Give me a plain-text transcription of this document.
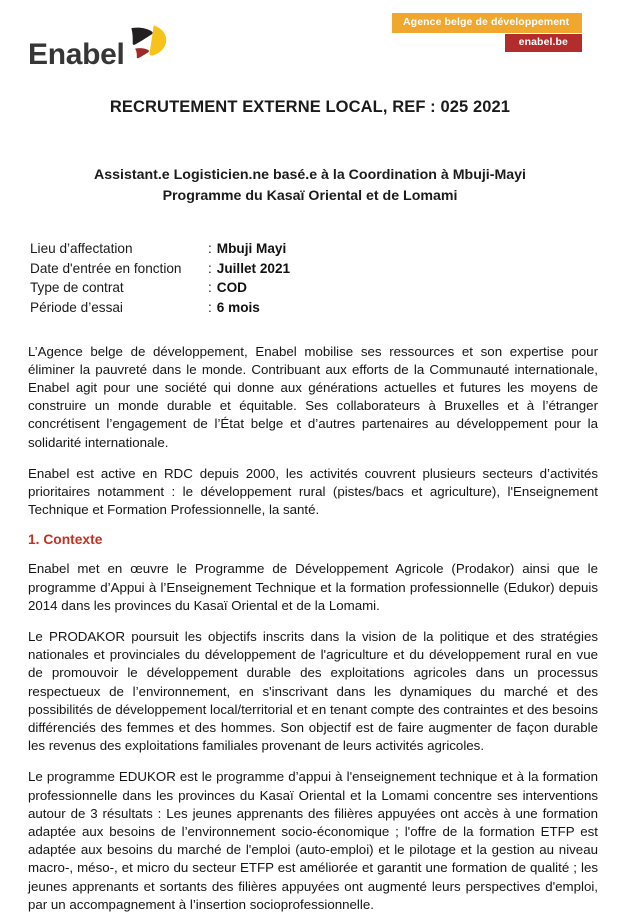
Enabel
Agence belge de développement
enabel.be
RECRUTEMENT EXTERNE LOCAL, REF : 025 2021
Assistant.e Logisticien.ne basé.e à la Coordination à Mbuji-Mayi
Programme du Kasaï Oriental et de Lomami
Lieu d’affectation	:	Mbuji Mayi
Date d'entrée en fonction	:	Juillet 2021
Type de contrat	:	COD
Période d’essai	:	6 mois

L’Agence belge de développement, Enabel mobilise ses ressources et son expertise pour éliminer la pauvreté dans le monde. Contribuant aux efforts de la Communauté internationale, Enabel agit pour une société qui donne aux générations actuelles et futures les moyens de construire un monde durable et équitable. Ses collaborateurs à Bruxelles et à l’étranger concrétisent l’engagement de l’État belge et d’autres partenaires au développement pour la solidarité internationale.

Enabel est active en RDC depuis 2000, les activités couvrent plusieurs secteurs d’activités prioritaires notamment : le développement rural (pistes/bacs et agriculture), l'Enseignement Technique et Formation Professionnelle, la santé.

1. Contexte

Enabel met en œuvre le Programme de Développement Agricole (Prodakor) ainsi que le programme d’Appui à l’Enseignement Technique et la formation professionnelle (Edukor) depuis 2014 dans les provinces du Kasaï Oriental et de la Lomami.

Le PRODAKOR poursuit les objectifs inscrits dans la vision de la politique et des stratégies nationales et provinciales du développement de l'agriculture et du développement rural en vue de promouvoir le développement durable des exploitations agricoles dans un processus respectueux de l’environnement, en s'inscrivant dans les dynamiques du marché et des possibilités de développement local/territorial et en tenant compte des contraintes et des besoins différenciés des femmes et des hommes. Son objectif est de faire augmenter de façon durable les revenus des exploitations familiales provenant de leurs activités agricoles.

Le programme EDUKOR est le programme d’appui à l'enseignement technique et à la formation professionnelle dans les provinces du Kasaï Oriental et la Lomami concentre ses interventions autour de 3 résultats : Les jeunes apprenants des filières appuyées ont accès à une formation adaptée aux besoins de l’environnement socio-économique ; l'offre de la formation ETFP est adaptée aux besoins du marché de l'emploi (auto-emploi) et le pilotage et la gestion au niveau macro-, méso-, et micro du secteur ETFP est améliorée et garantit une formation de qualité ; les jeunes apprenants et sortants des filières appuyées ont augmenté leurs perspectives d'emploi, par un accompagnement à l’insertion socioprofessionnelle.
